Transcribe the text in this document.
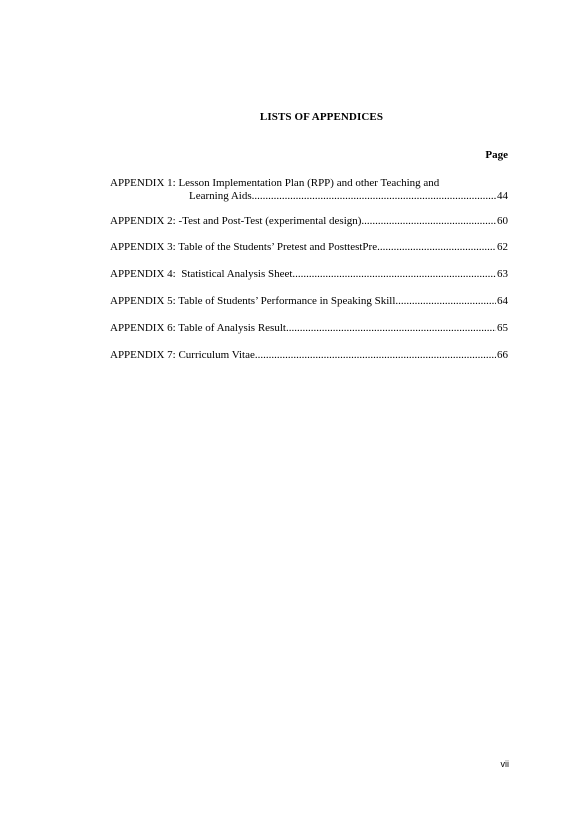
LISTS OF APPENDICES
Page
APPENDIX 1: Lesson Implementation Plan (RPP) and other Teaching and
Learning Aids .....	44
APPENDIX 2: -Test and Post-Test (experimental design) .....	60
APPENDIX 3: Table of the Students’ Pretest and PosttestPre .....	62
APPENDIX 4:  Statistical Analysis Sheet .....	63
APPENDIX 5: Table of Students’ Performance in Speaking Skill .....	64
APPENDIX 6: Table of Analysis Result .....	65
APPENDIX 7: Curriculum Vitae .....	66
vii
